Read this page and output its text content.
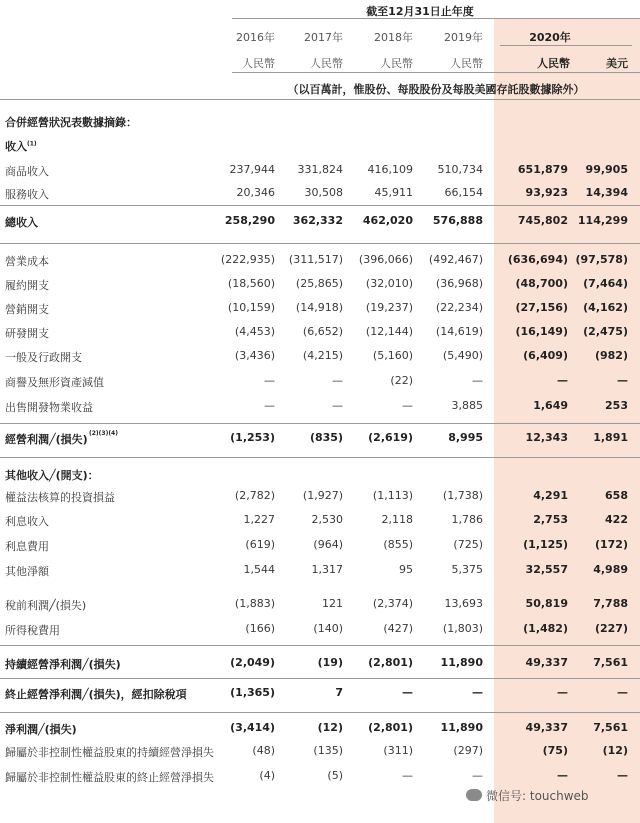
截至12月31日止年度
2016年	2017年	2018年	2019年	2020年
人民幣	人民幣	人民幣	人民幣	人民幣	美元
（以百萬計，惟股份、每股股份及每股美國存託股數據除外）
合併經營狀況表數據摘錄：
收入$^{(1)}$
其他收入╱(開支)：
商品收入	237,944	331,824	416,109	510,734	651,879	99,905
服務收入	20,346	30,508	45,911	66,154	93,923	14,394
總收入	258,290	362,332	462,020	576,888	745,802 114,299
營業成本	(222,935)	(311,517)	(396,066)	(492,467)	(636,694) (97,578)
履約開支	(18,560)	(25,865)	(32,010)	(36,968)	(48,700)	(7,464)
營銷開支	(10,159)	(14,918)	(19,237)	(22,234)	(27,156)	(4,162)
研發開支	(4,453)	(6,652)	(12,144)	(14,619)	(16,149)	(2,475)
一般及行政開支	(3,436)	(4,215)	(5,160)	(5,490)	(6,409)	(982)
商譽及無形資產減值	—	—	(22)	—	—	—
出售開發物業收益	—	—	—	3,885	1,649	253
經營利潤╱(損失) (2)(3)(4)	(1,253)	(835)	(2,619)	8,995	12,343	1,891
權益法核算的投資損益	(2,782)	(1,927)	(1,113)	(1,738)	4,291	658
利息收入	1,227	2,530	2,118	1,786	2,753	422
利息費用	(619)	(964)	(855)	(725)	(1,125)	(172)
其他淨額	1,544	1,317	95	5,375	32,557	4,989
稅前利潤╱(損失)	(1,883)	121	(2,374)	13,693	50,819	7,788
所得稅費用	(166)	(140)	(427)	(1,803)	(1,482)	(227)
持續經營淨利潤╱(損失)	(2,049)	(19)	(2,801)	11,890	49,337	7,561
終止經營淨利潤╱(損失)，經扣除稅項	(1,365)	7	—	—	—	—
淨利潤╱(損失)	(3,414)	(12)	(2,801)	11,890	49,337	7,561
歸屬於非控制性權益股東的持續經營淨損失	(48)	(135)	(311)	(297)	(75)	(12)
歸屬於非控制性權益股東的終止經營淨損失	(4)	(5)	—	—	—	—
微信号: touchweb
